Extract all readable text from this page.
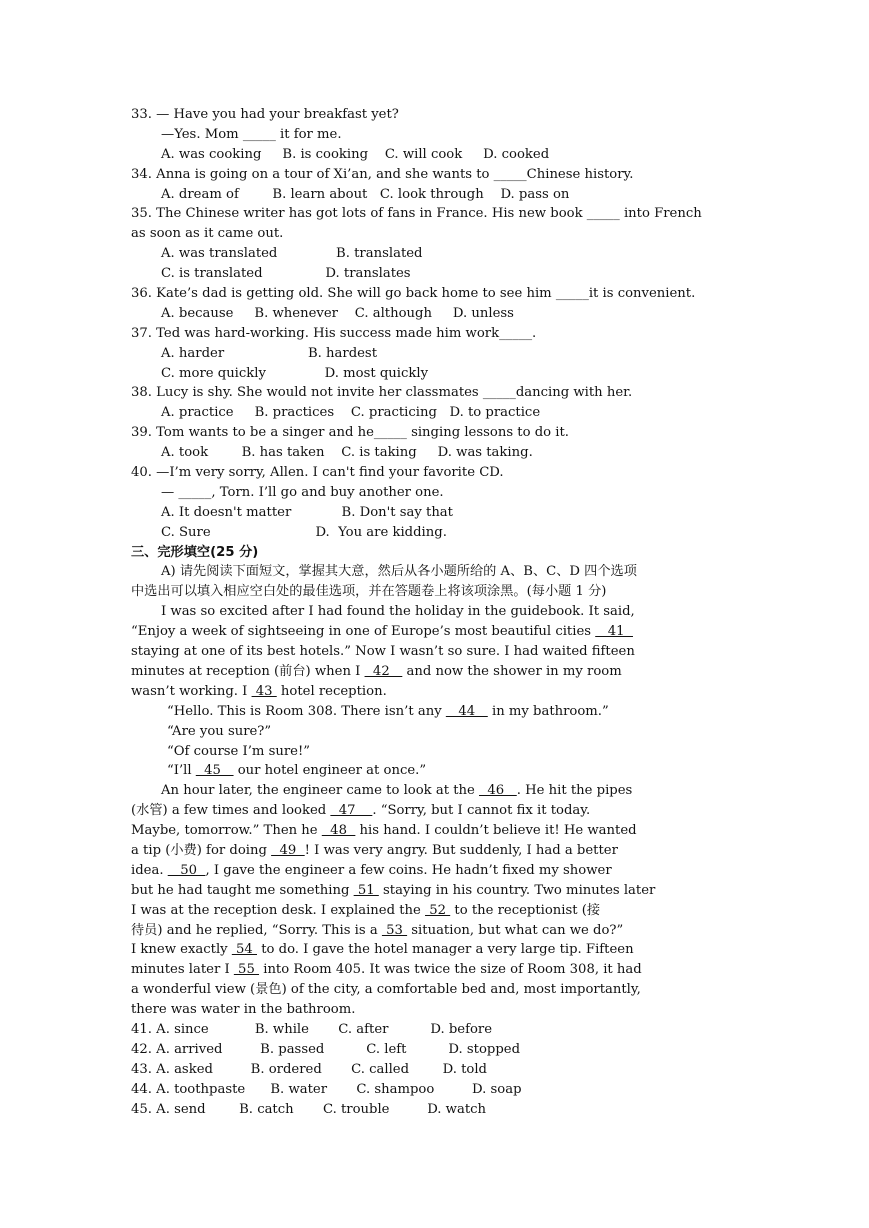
33. — Have you had your breakfast yet?
—Yes. Mom _____ it for me.
A. was cooking     B. is cooking    C. will cook     D. cooked
34. Anna is going on a tour of Xi’an, and she wants to _____Chinese history.
A. dream of        B. learn about   C. look through    D. pass on
35. The Chinese writer has got lots of fans in France. His new book _____ into French
as soon as it came out.
A. was translated              B. translated
C. is translated               D. translates
36. Kate’s dad is getting old. She will go back home to see him _____it is convenient.
A. because     B. whenever    C. although     D. unless
37. Ted was hard-working. His success made him work_____.
A. harder                    B. hardest
C. more quickly              D. most quickly
38. Lucy is shy. She would not invite her classmates _____dancing with her.
A. practice     B. practices    C. practicing   D. to practice
39. Tom wants to be a singer and he_____ singing lessons to do it.
A. took        B. has taken    C. is taking     D. was taking.
40. —I’m very sorry, Allen. I can't find your favorite CD.
— _____, Torn. I’ll go and buy another one.
A. It doesn't matter            B. Don't say that
C. Sure                         D.  You are kidding.
三、完形填空(25 分)
A) 请先阅读下面短文，掌握其大意，然后从各小题所给的 A、B、C、D 四个选项
中选出可以填入相应空白处的最佳选项，并在答题卷上将该项涂黑。(每小题 1 分)
I was so excited after I had found the holiday in the guidebook. It said,
“Enjoy a week of sightseeing in one of Europe’s most beautiful cities    41
staying at one of its best hotels.” Now I wasn’t so sure. I had waited fifteen
minutes at reception (前台) when I   42    and now the shower in my room
wasn’t working. I  43  hotel reception.
“Hello. This is Room 308. There isn’t any    44    in my bathroom.”
“Are you sure?”
“Of course I’m sure!”
“I’ll   45    our hotel engineer at once.”
An hour later, the engineer came to look at the   46   . He hit the pipes
(水管) a few times and looked   47    . “Sorry, but I cannot fix it today.
Maybe, tomorrow.” Then he   48   his hand. I couldn’t believe it! He wanted
a tip (小费) for doing   49  ! I was very angry. But suddenly, I had a better
idea.    50  , I gave the engineer a few coins. He hadn’t fixed my shower
but he had taught me something  51  staying in his country. Two minutes later
I was at the reception desk. I explained the  52  to the receptionist (接
待员) and he replied, “Sorry. This is a  53  situation, but what can we do?”
I knew exactly  54  to do. I gave the hotel manager a very large tip. Fifteen
minutes later I  55  into Room 405. It was twice the size of Room 308, it had
a wonderful view (景色) of the city, a comfortable bed and, most importantly,
there was water in the bathroom.
41. A. since           B. while       C. after          D. before
42. A. arrived         B. passed          C. left          D. stopped
43. A. asked         B. ordered       C. called        D. told
44. A. toothpaste      B. water       C. shampoo         D. soap
45. A. send        B. catch       C. trouble         D. watch
